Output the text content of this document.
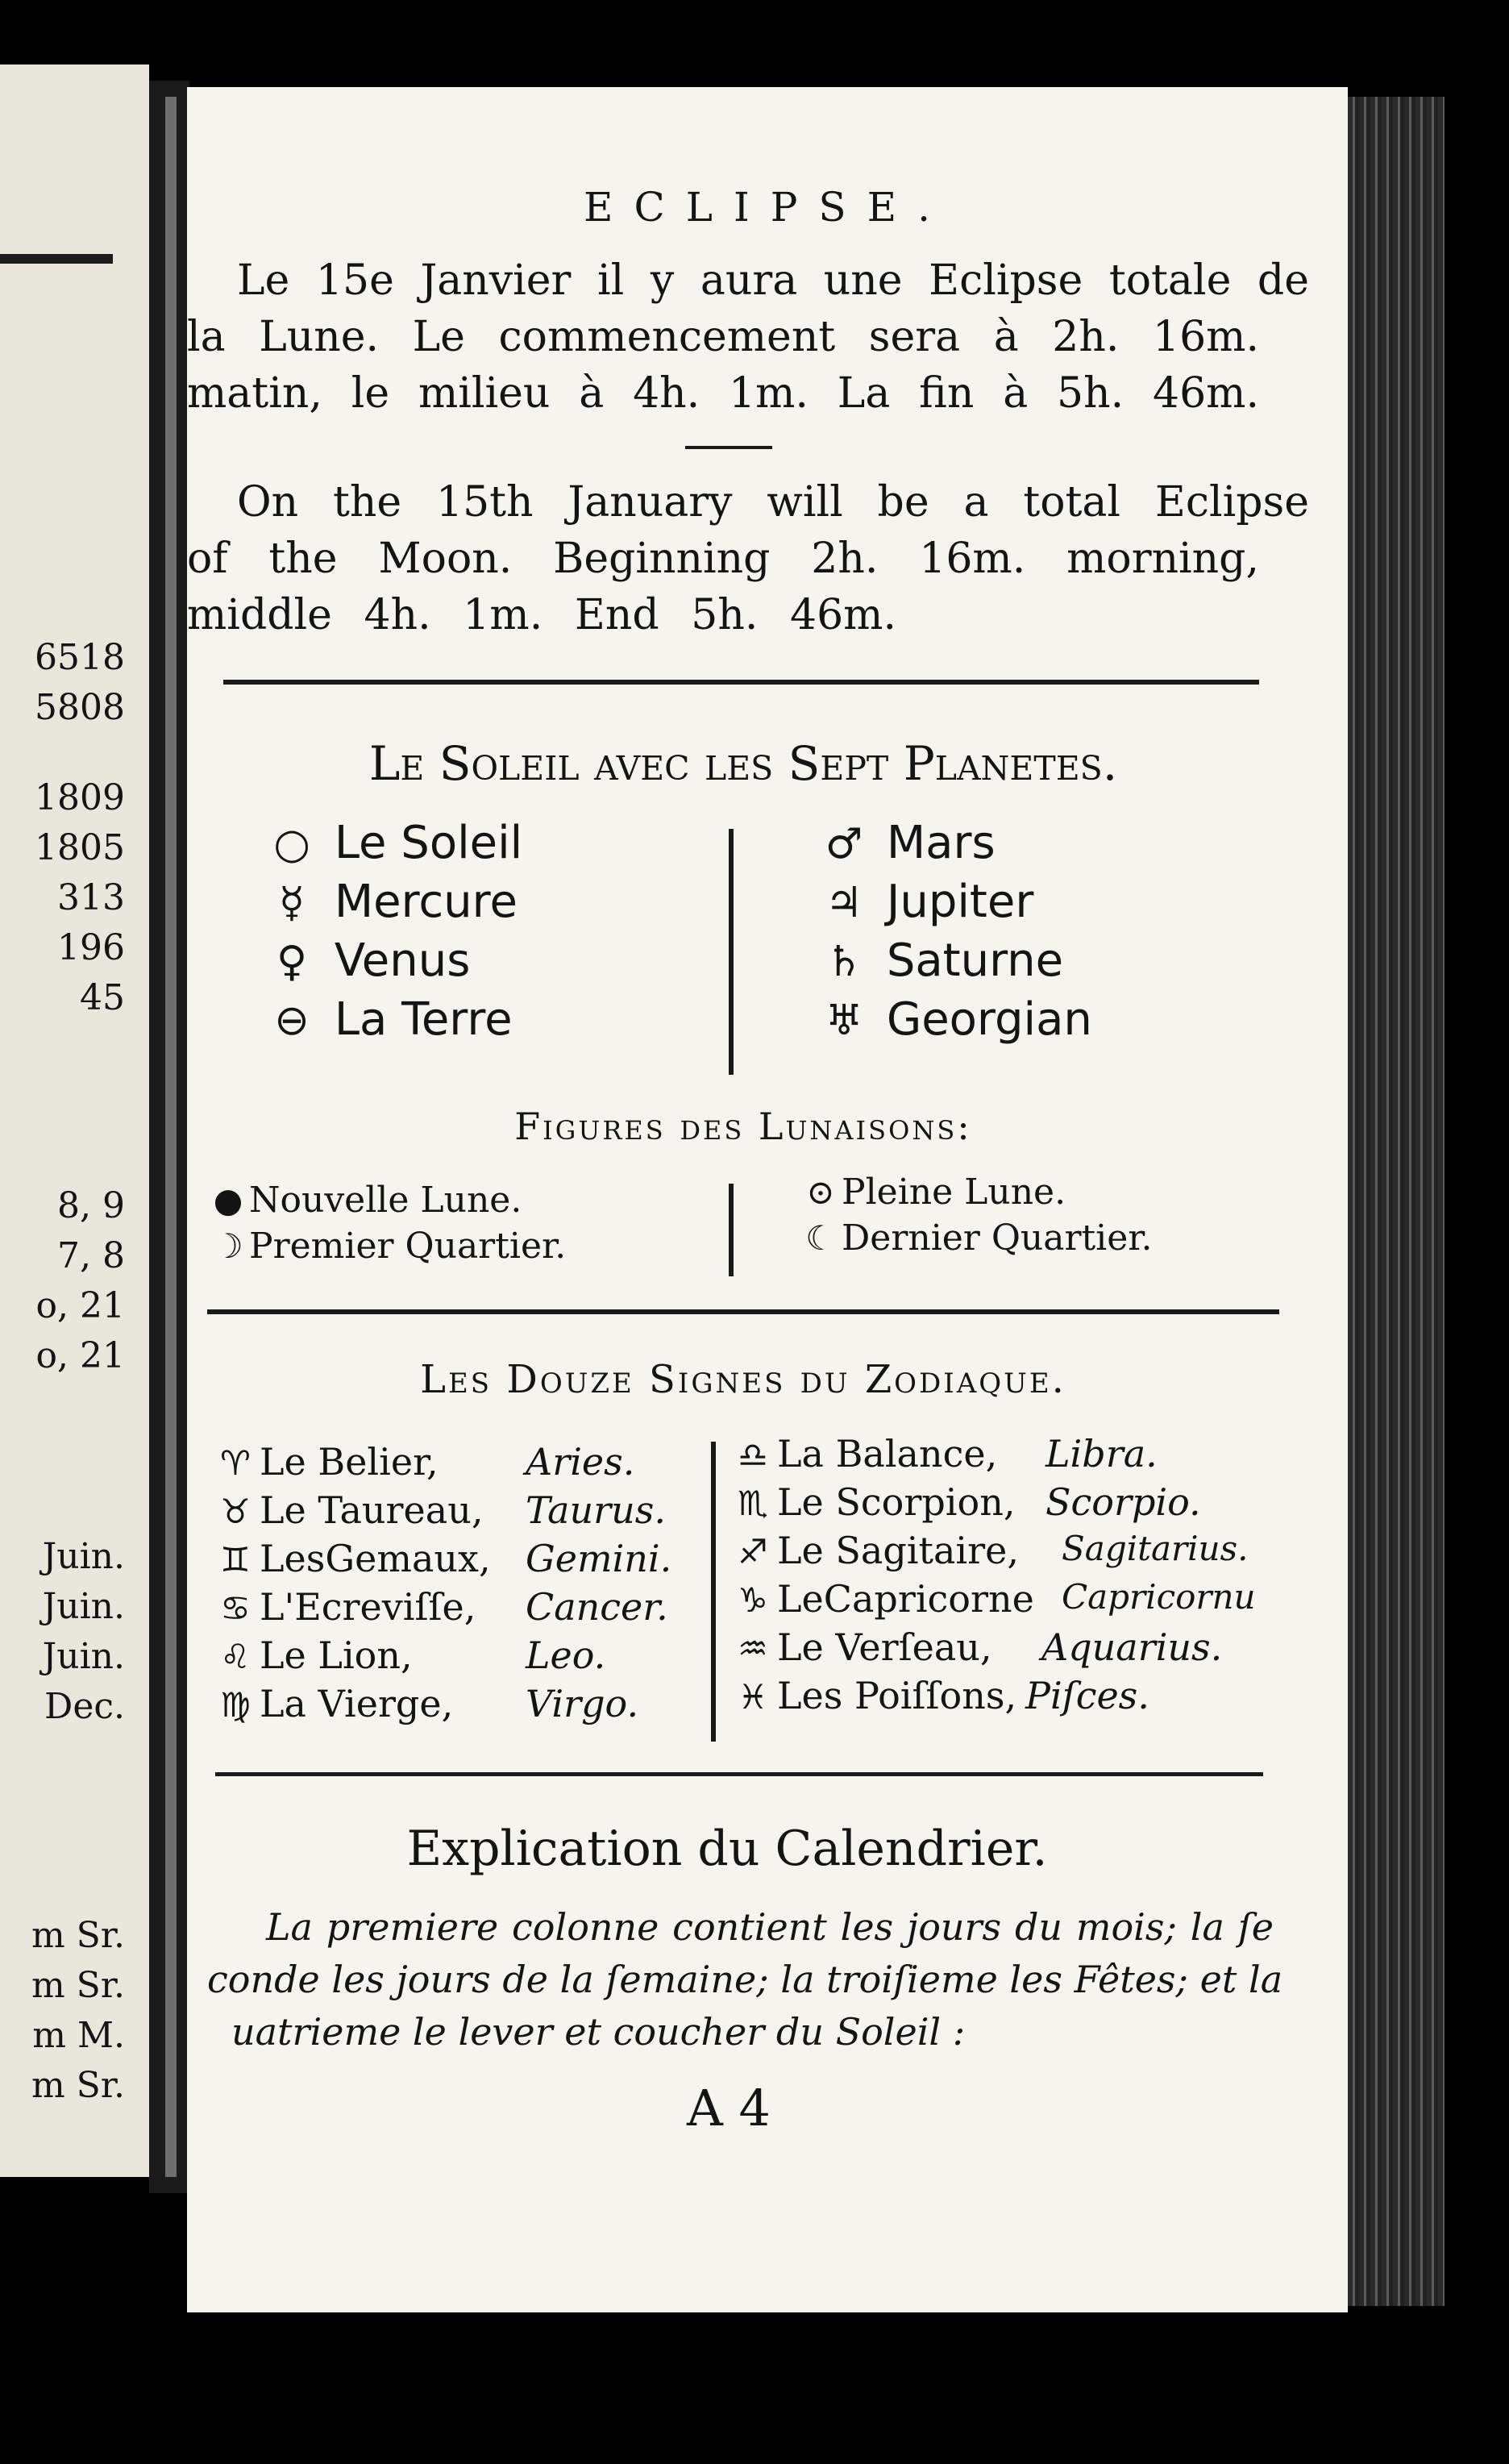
6518
5808
1809
1805
313
196
45
8, 9
7, 8
o, 21
o, 21
Juin.
Juin.
Juin.
Dec.
m Sr.
m Sr.
m M.
m Sr.
ECLIPSE.
Le 15e Janvier il y aura une Eclipse totale de
la Lune. Le commencement sera à 2h. 16m.
matin, le milieu à 4h. 1m. La fin à 5h. 46m.
On the 15th January will be a total Eclipse
of the Moon. Beginning 2h. 16m. morning,
middle 4h. 1m. End 5h. 46m.
Le Soleil avec les Sept Planetes.
○ Le Soleil
☿ Mercure
♀ Venus
⊖ La Terre
♂ Mars
♃ Jupiter
♄ Saturne
♅ Georgian
Figures des Lunaisons:
● Nouvelle Lune.
☽ Premier Quartier.
⊙ Pleine Lune.
☾ Dernier Quartier.
Les Douze Signes du Zodiaque.
♈ Le Belier,
♉ Le Taureau,
♊ LesGemaux,
♋ L'Ecreviſſe,
♌ Le Lion,
♍ La Vierge,
Aries.
Taurus.
Gemini.
Cancer.
Leo.
Virgo.
♎ La Balance,
♏ Le Scorpion,
♐ Le Sagitaire,
♑ LeCapricorne
♒ Le Verſeau,
♓ Les Poiſſons,
Libra.
Scorpio.
Sagitarius.
Capricornu
Aquarius.
Piſces.
Explication du Calendrier.
La premiere colonne contient les jours du mois; la ſe
conde les jours de la ſemaine; la troiſieme les Fêtes; et la
uatrieme le lever et coucher du Soleil :
A 4
